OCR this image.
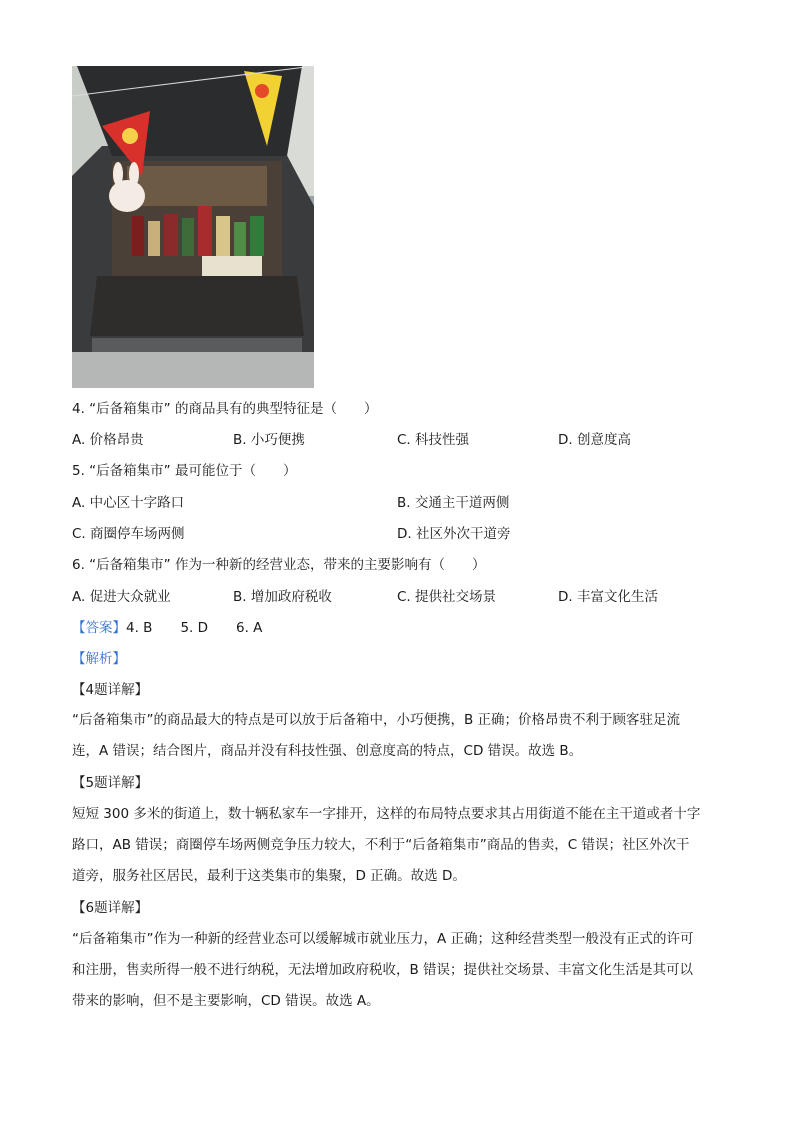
4. “后备箱集市” 的商品具有的典型特征是（　　）
A. 价格昂贵	B. 小巧便携	C. 科技性强	D. 创意度高
5. “后备箱集市” 最可能位于（　　）
A. 中心区十字路口	B. 交通主干道两侧
C. 商圈停车场两侧	D. 社区外次干道旁
6. “后备箱集市” 作为一种新的经营业态，带来的主要影响有（　　）
A. 促进大众就业	B. 增加政府税收	C. 提供社交场景	D. 丰富文化生活
【答案】4. B 5. D 6. A
【解析】
【4题详解】
“后备箱集市”的商品最大的特点是可以放于后备箱中，小巧便携，B 正确；价格昂贵不利于顾客驻足流
连，A 错误；结合图片，商品并没有科技性强、创意度高的特点，CD 错误。故选 B。
【5题详解】
短短 300 多米的街道上，数十辆私家车一字排开，这样的布局特点要求其占用街道不能在主干道或者十字
路口，AB 错误；商圈停车场两侧竞争压力较大，不利于“后备箱集市”商品的售卖，C 错误；社区外次干
道旁，服务社区居民，最利于这类集市的集聚，D 正确。故选 D。
【6题详解】
“后备箱集市”作为一种新的经营业态可以缓解城市就业压力，A 正确；这种经营类型一般没有正式的许可
和注册，售卖所得一般不进行纳税，无法增加政府税收，B 错误；提供社交场景、丰富文化生活是其可以
带来的影响，但不是主要影响，CD 错误。故选 A。
